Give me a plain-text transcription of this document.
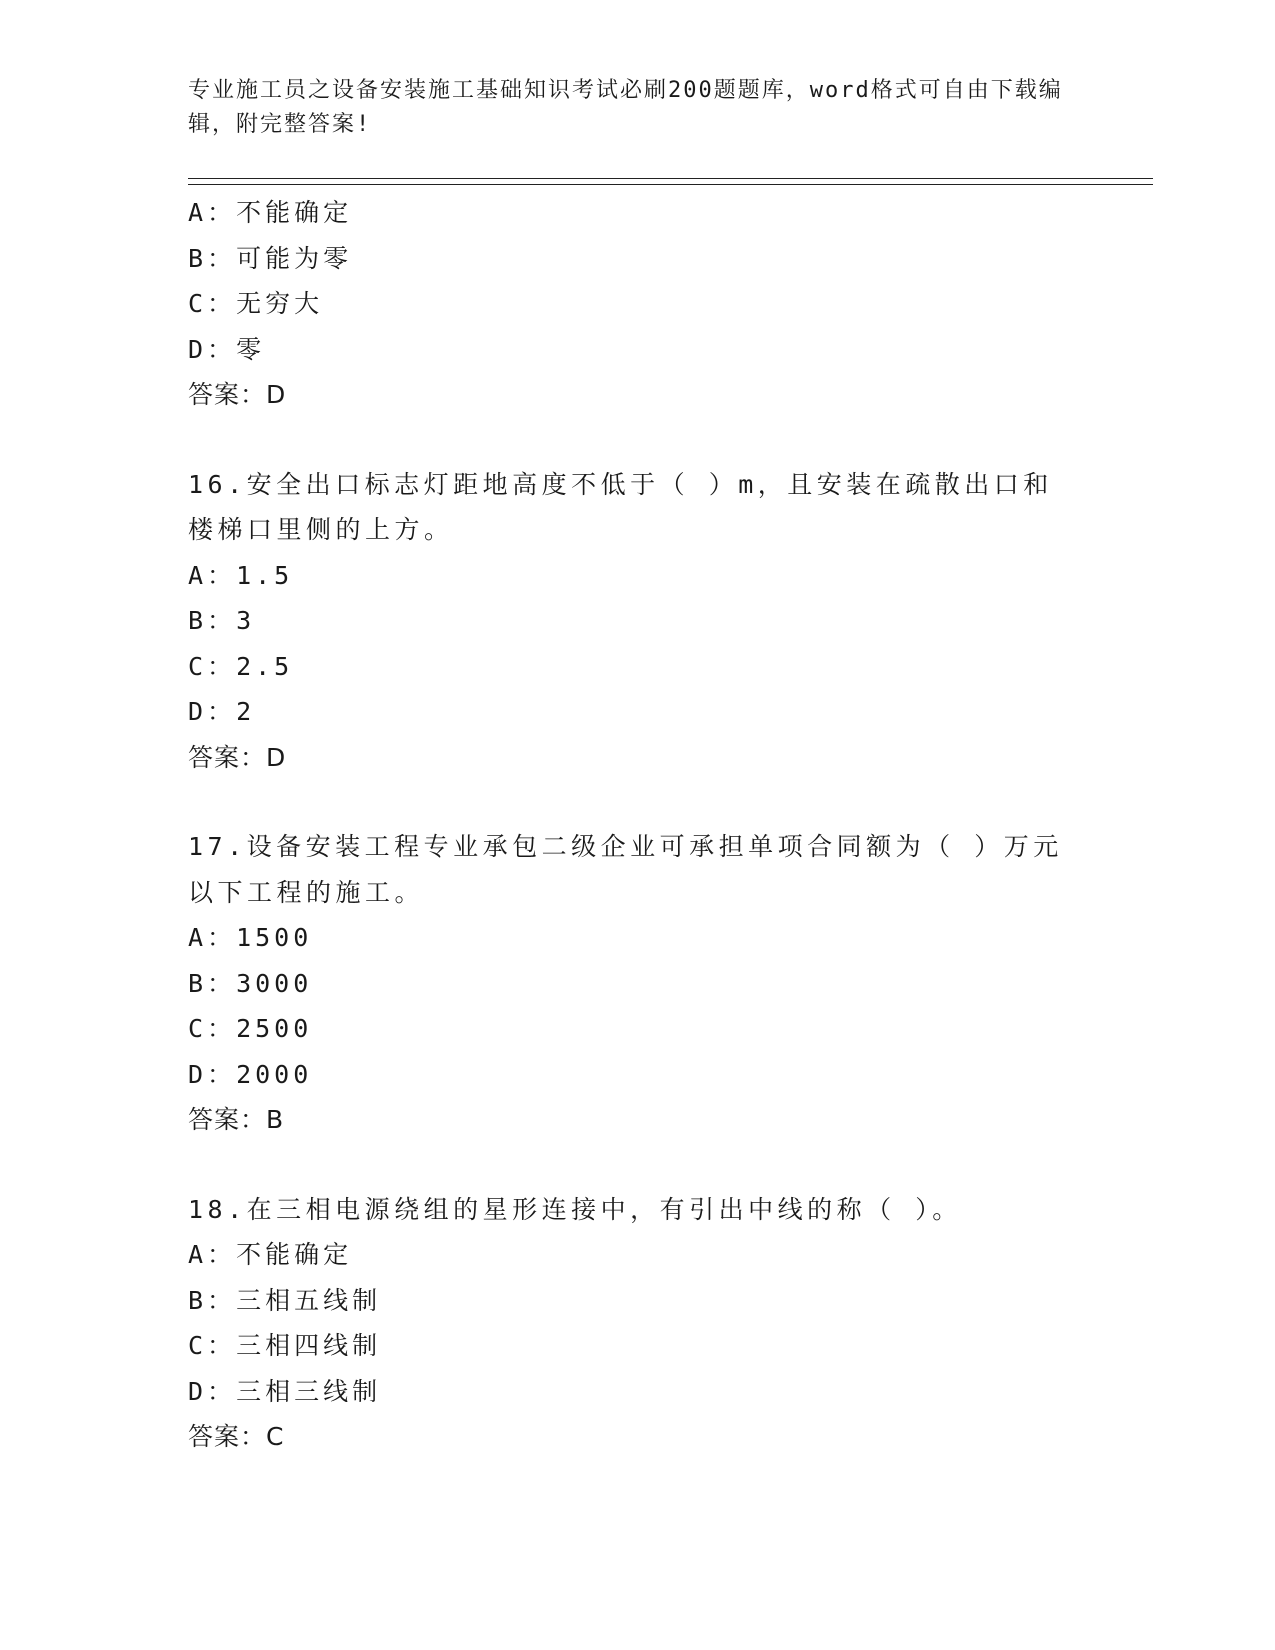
专业施工员之设备安装施工基础知识考试必刷200题题库，word格式可自由下载编辑，附完整答案!
A：不能确定
B：可能为零
C：无穷大
D：零
答案：D
16.安全出口标志灯距地高度不低于（ ）m，且安装在疏散出口和楼梯口里侧的上方。
A：1.5
B：3
C：2.5
D：2
答案：D
17.设备安装工程专业承包二级企业可承担单项合同额为（ ）万元以下工程的施工。
A：1500
B：3000
C：2500
D：2000
答案：B
18.在三相电源绕组的星形连接中，有引出中线的称（ ）。
A：不能确定
B：三相五线制
C：三相四线制
D：三相三线制
答案：C
